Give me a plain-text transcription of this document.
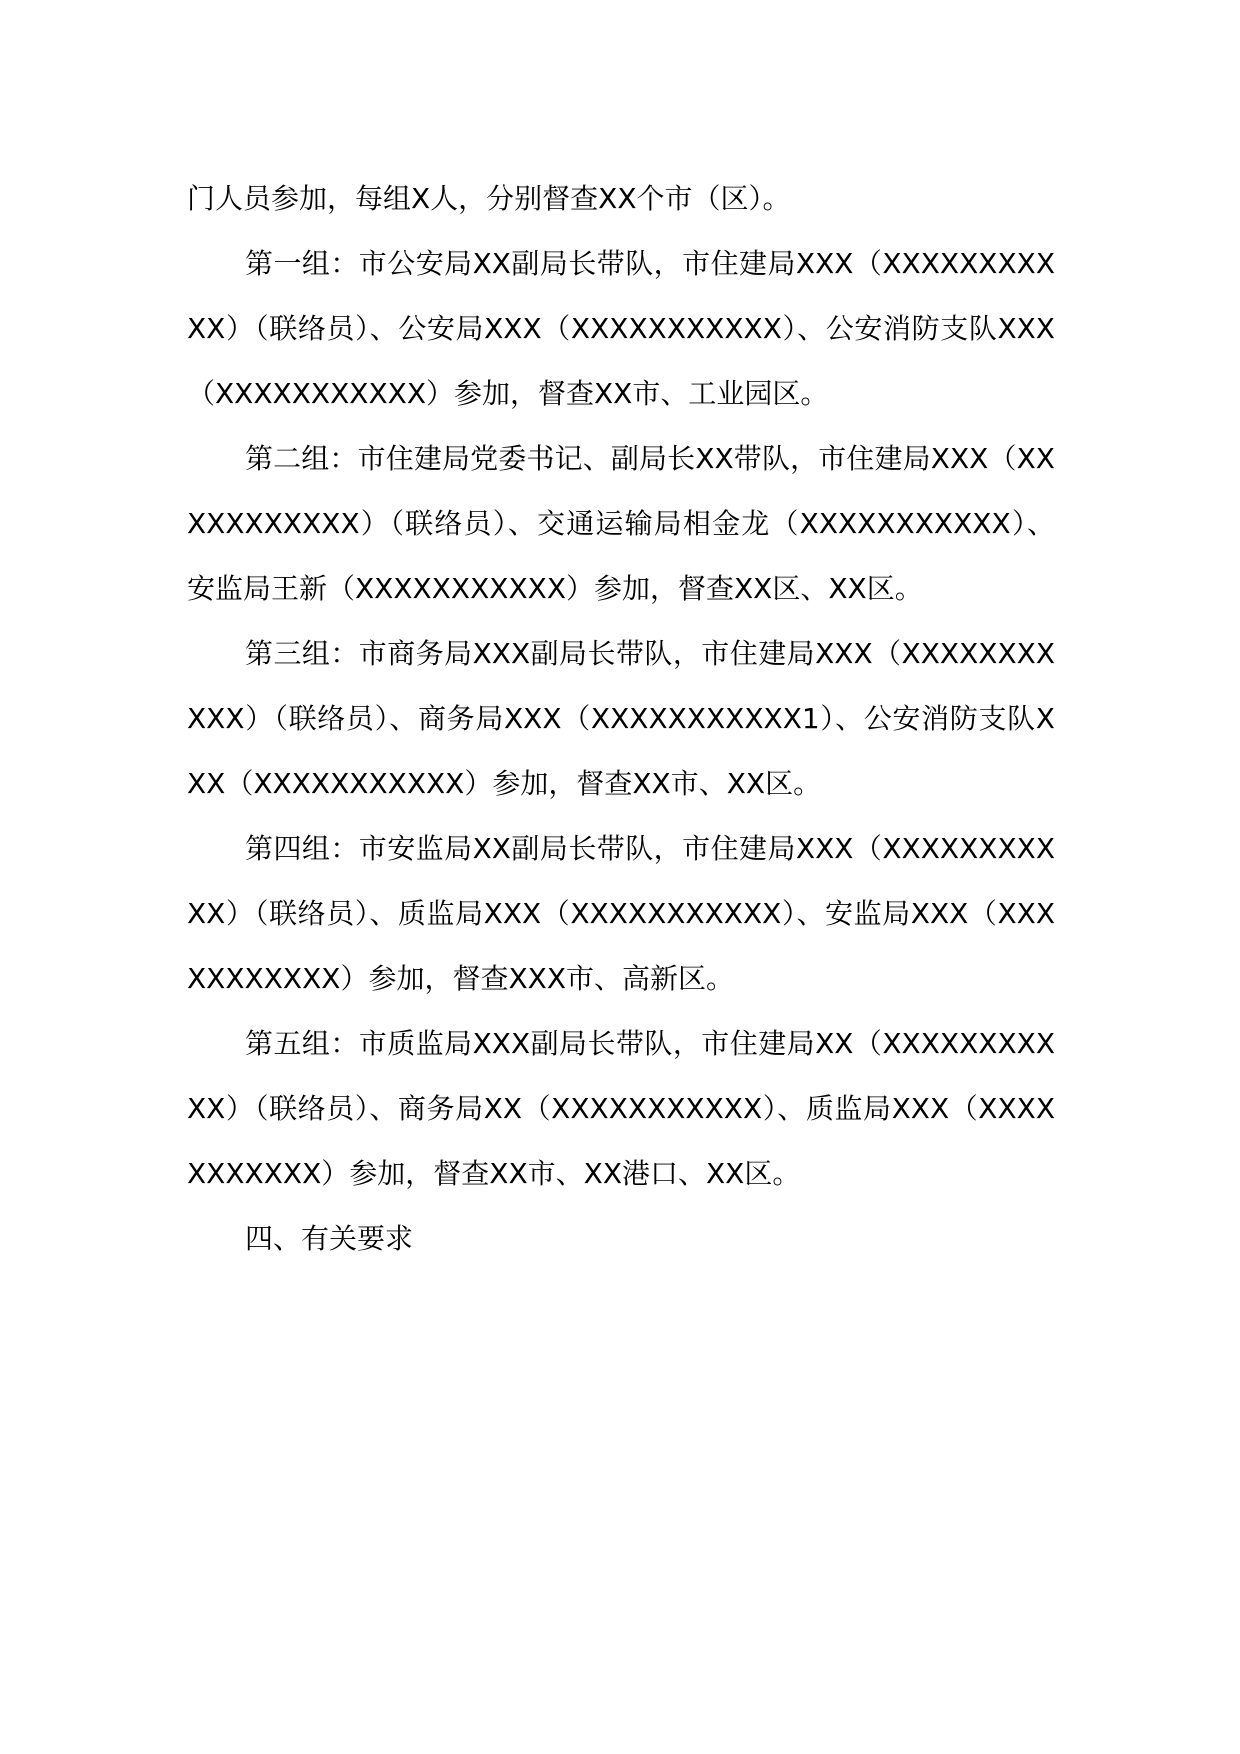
门人员参加，每组X人，分别督查XX个市（区）。

第一组：市公安局XX副局长带队，市住建局XXX（XXXXXXXXXXX）（联络员）、公安局XXX（XXXXXXXXXXX）、公安消防支队XXX（XXXXXXXXXXX）参加，督查XX市、工业园区。

第二组：市住建局党委书记、副局长XX带队，市住建局XXX（XXXXXXXXXXX）（联络员）、交通运输局相金龙（XXXXXXXXXXX）、安监局王新（XXXXXXXXXXX）参加，督查XX区、XX区。

第三组：市商务局XXX副局长带队，市住建局XXX（XXXXXXXXXXX）（联络员）、商务局XXX（XXXXXXXXXXX1）、公安消防支队XXX（XXXXXXXXXXX）参加，督查XX市、XX区。

第四组：市安监局XX副局长带队，市住建局XXX（XXXXXXXXXXX）（联络员）、质监局XXX（XXXXXXXXXXX）、安监局XXX（XXXXXXXXXXX）参加，督查XXX市、高新区。

第五组：市质监局XXX副局长带队，市住建局XX（XXXXXXXXXXX）（联络员）、商务局XX（XXXXXXXXXXX）、质监局XXX（XXXXXXXXXXX）参加，督查XX市、XX港口、XX区。

四、有关要求
